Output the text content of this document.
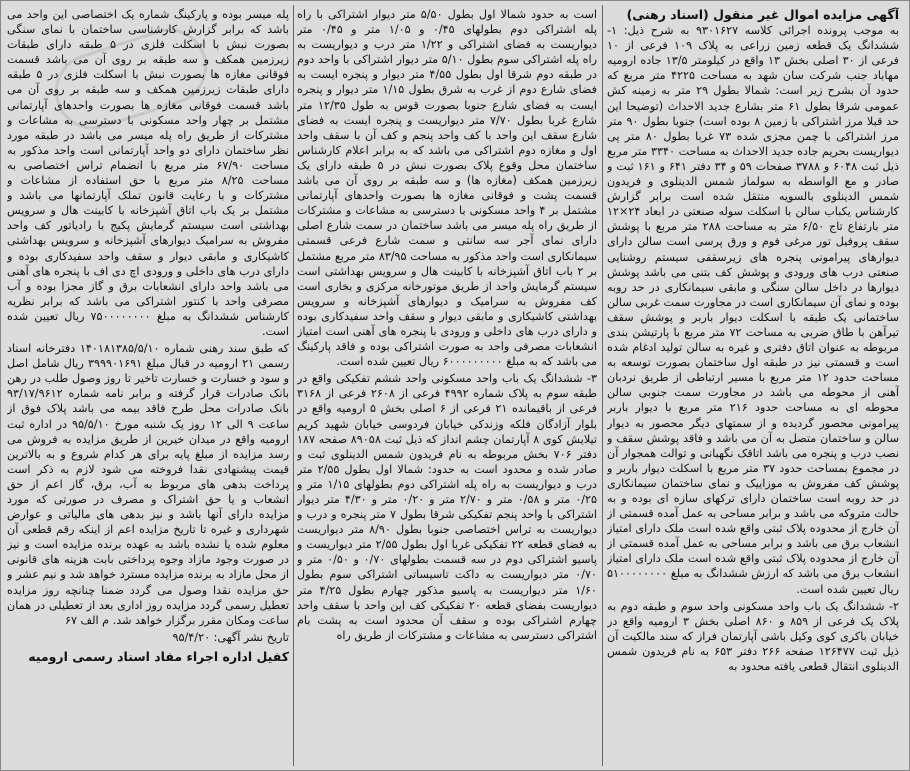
آگهی مزایده اموال غیر منقول (اسناد رهنی)
به موجب پرونده اجرائی کلاسه ۹۳۰۱۶۲۷ به شرح ذیل: ۱- ششدانگ یک قطعه زمین زراعی به پلاک ۱۰۹ فرعی از ۱۰ فرعی از ۳۰ اصلی بخش ۱۳ واقع در کیلومتر ۱۳/۵ جاده ارومیه مهاباد جنب شرکت سان شهد به مساحت ۴۲۲۵ متر مربع که حدود آن بشرح زیر است: شمالا بطول ۲۹ متر به زمینه کش عمومی شرقا بطول ۶۱ متر بشارع جدید الاحداث (توضیحا این حد قبلا مرز اشتراکی با زمین ۸ بوده است) جنوبا بطول ۹۰ متر مرز اشتراکی با چمن مجزی شده ۷۳ غربا بطول ۸۰ متر پی دیواریست بحریم جاده جدید الاحداث به مساحت ۳۳۴۰ متر مربع ذیل ثبت ۶۰۴۸ و ۳۷۸۸ صفحات ۵۹ و ۳۴ دفتر ۶۴۱ و ۱۶۱ ثبت و صادر و مع الواسطه به سولماز شمس الدینلوی و فریدون شمس الدینلوی بالسویه منتقل شده است برابر گزارش کارشناس یکباب سالن با اسکلت سوله صنعتی در ابعاد ۲۴×۱۲ متر بارتفاع تاج ۶/۵۰ متر به مساحت ۲۸۸ متر مربع با پوشش سقف پروفیل تور مرغی فوم و ورق پرسی است سالن دارای دیوارهای پیرامونی پنجره های زیرسقفی سیستم روشنایی صنعتی درب های ورودی و پوشش کف بتنی می باشد پوشش دیوارها در داخل سالن سنگی و مابقی سیمانکاری در حد روبه بوده و نمای آن سیمانکاری است در مجاورت سمت غربی سالن ساختمانی یک طبقه با اسکلت دیوار باربر و پوشش سقف تیرآهن با طاق ضربی به مساحت ۷۲ متر مربع با پارتیشن بندی مربوطه به عنوان اتاق دفتری و غیره به سالن تولید ادغام شده است و قسمتی نیز در طبقه اول ساختمان بصورت توسعه به مساحت حدود ۱۲ متر مربع با مسیر ارتباطی از طریق نردبان آهنی از محوطه می باشد در مجاورت سمت جنوبی سالن محوطه ای به مساحت حدود ۲۱۶ متر مربع با دیوار باربر پیرامونی محصور گردیده و از سمتهای دیگر محصور به دیوار سالن و ساختمان متصل به آن می باشد و فاقد پوشش سقف و نصب درب و پنجره می باشد اتاقک نگهبانی و توالت همجوار آن در مجموع بمساحت حدود ۳۷ متر مربع با اسکلت دیوار باربر و پوشش کف مفروش به موزاییک و نمای ساختمان سیمانکاری در حد روبه است ساختمان دارای ترکهای سازه ای بوده و به حالت متروکه می باشد و برابر مساحی به عمل آمده قسمتی از آن خارج از محدوده پلاک ثبتی واقع شده است ملک دارای امتیاز انشعاب برق می باشد و برابر مساحی به عمل آمده قسمتی از آن خارج از محدوده پلاک ثبتی واقع شده است ملک دارای امتیاز انشعاب برق می باشد که ارزش ششدانگ به مبلغ ۵۱۰۰۰۰۰۰۰۰ ریال تعیین شده است.
۲- ششدانگ یک باب واحد مسکونی واحد سوم و طبقه دوم به پلاک یک فرعی از ۸۵۹ و ۸۶۰ اصلی بخش ۳ ارومیه واقع در خیابان باکری کوی وکیل باشی آپارتمان فراز که سند مالکیت آن ذیل ثبت ۱۲۶۴۷۷ صفحه ۲۶۶ دفتر ۶۵۳ به نام فریدون شمس الدینلوی انتقال قطعی یافته محدود به
است به حدود شمالا اول بطول ۵/۵۰ متر دیوار اشتراکی با راه پله اشتراکی دوم بطولهای ۰/۴۵ و ۱/۰۵ متر و ۰/۴۵ متر دیواریست به فضای اشتراکی و ۱/۲۲ متر درب و دیواریست به راه پله اشتراکی سوم بطول ۵/۱۰ متر دیوار اشتراکی با واحد دوم در طبقه دوم شرقا اول بطول ۴/۵۵ متر دیوار و پنجره ایست به فضای شارع دوم از غرب به شرق بطول ۱/۱۵ متر دیوار و پنجره ایست به فضای شارع جنوبا بصورت قوس به طول ۱۲/۳۵ متر شارع غربا بطول ۷/۷۰ متر دیواریست و پنجره ایست به فضای شارع سقف این واحد با کف واحد پنجم و کف آن با سقف واحد اول و مغازه دوم اشتراکی می باشد که به برابر اعلام کارشناس ساختمان محل وقوع پلاک بصورت نبش در ۵ طبقه دارای یک زیرزمین همکف (مغازه ها) و سه طبقه بر روی آن می باشد قسمت پشت و فوقانی مغازه ها بصورت واحدهای آپارتمانی مشتمل بر ۴ واحد مسکونی با دسترسی به مشاعات و مشترکات از طریق راه پله میسر می باشد ساختمان در سمت شارع اصلی دارای نمای آجر سه سانتی و سمت شارع فرعی قسمتی سیمانکاری است واحد مذکور به مساحت ۸۳/۹۵ متر مربع مشتمل بر ۲ باب اتاق آشپزخانه با کابینت هال و سرویس بهداشتی است سیستم گرمایش واحد از طریق موتورخانه مرکزی و بخاری است کف مفروش به سرامیک و دیوارهای آشپزخانه و سرویس بهداشتی کاشیکاری و مابقی دیوار و سقف واحد سفیدکاری بوده و دارای درب های داخلی و ورودی با پنجره های آهنی است امتیاز انشعابات مصرفی واحد به صورت اشتراکی بوده و فاقد پارکینگ می باشد که به مبلغ ۶۰۰۰۰۰۰۰۰۰ ریال تعیین شده است.
۳- ششدانگ یک باب واحد مسکونی واحد ششم تفکیکی واقع در طبقه سوم به پلاک شماره ۴۹۹۲ فرعی از ۲۶۰۸ فرعی از ۳۱۶۸ فرعی از باقیمانده ۲۱ فرعی از ۶ اصلی بخش ۵ ارومیه واقع در بلوار آزادگان فلکه وزندکی خیابان فردوسی خیابان شهید کریم تیلایش کوی ۸ آپارتمان چشم انداز که ذیل ثبت ۸۹۰۵۸ صفحه ۱۸۷ دفتر ۷۰۶ بخش مربوطه به نام فریدون شمس الدینلوی ثبت و صادر شده و محدود است به حدود: شمالا اول بطول ۲/۵۵ متر درب و دیواریست به راه پله اشتراکی دوم بطولهای ۱/۱۵ متر و ۰/۲۵ متر و ۰/۵۸ متر و ۲/۷۰ متر و ۰/۲۰ متر و ۴/۳۰ متر دیوار اشتراکی با واحد پنجم تفکیکی شرقا بطول ۷ متر پنجره و درب و دیواریست به تراس اختصاصی جنوبا بطول ۸/۹۰ متر دیواریست به فضای قطعه ۲۲ تفکیکی غربا اول بطول ۲/۵۵ متر دیواریست و پاسیو اشتراکی دوم در سه قسمت بطولهای ۰/۷۰ و ۰/۵۰ متر و ۰/۷۰ متر دیواریست به داکت تاسیساتی اشتراکی سوم بطول ۱/۶۰ متر دیواریست به پاسیو مذکور چهارم بطول ۴/۲۵ متر دیواریست بفضای قطعه ۲۰ تفکیکی کف این واحد با سقف واحد چهارم اشتراکی بوده و سقف آن محدود است به پشت بام اشتراکی دسترسی به مشاعات و مشترکات از طریق راه
پله میسر بوده و پارکینگ شماره یک اختصاصی این واحد می باشد که برابر گزارش کارشناسی ساختمان با نمای سنگی بصورت نبش با اسکلت فلزی در ۵ طبقه دارای طبقات زیرزمین همکف و سه طبقه بر روی آن می باشد قسمت فوقانی مغازه ها بصورت نبش با اسکلت فلزی در ۵ طبقه دارای طبقات زیرزمین همکف و سه طبقه بر روی آن می باشد قسمت فوقانی مغازه ها بصورت واحدهای آپارتمانی مشتمل بر چهار واحد مسکونی با دسترسی به مشاعات و مشترکات از طریق راه پله میسر می باشد در طبقه مورد نظر ساختمان دارای دو واحد آپارتمانی است واحد مذکور به مساحت ۶۷/۹۰ متر مربع با انضمام تراس اختصاصی به مساحت ۸/۲۵ متر مربع با حق استفاده از مشاعات و مشترکات و با رعایت قانون تملک آپارتمانها می باشد و مشتمل بر یک باب اتاق آشپزخانه با کابینت هال و سرویس بهداشتی است سیستم گرمایش پکیج با رادیاتور کف واحد مفروش به سرامیک دیوارهای آشپزخانه و سرویس بهداشتی کاشیکاری و مابقی دیوار و سقف واحد سفیدکاری بوده و دارای درب های داخلی و ورودی اچ دی اف با پنجره های آهنی می باشد واحد دارای انشعابات برق و گاز مجزا بوده و آب مصرفی واحد با کنتور اشتراکی می باشد که برابر نظریه کارشناس ششدانگ به مبلغ ۷۵۰۰۰۰۰۰۰۰ ریال تعیین شده است.
که طبق سند رهنی شماره ۱۴۰۱۸۱۳۸۵/۵/۱۰ دفترخانه اسناد رسمی ۲۱ ارومیه در قبال مبلغ ۳۹۹۹۰۱۶۹۱ ریال شامل اصل و سود و خسارت و خسارت تاخیر تا روز وصول طلب در رهن بانک صادرات قرار گرفته و برابر نامه شماره ۹۳/۱۷/۹۶۱۲ بانک صادرات محل طرح فاقد بیمه می باشد پلاک فوق از ساعت ۹ الی ۱۲ روز یک شنبه مورخ ۹۵/۵/۱۰ در اداره ثبت ارومیه واقع در میدان خیرین از طریق مزایده به فروش می رسد مزایده از مبلغ پایه برای هر کدام شروع و به بالاترین قیمت پیشنهادی نقدا فروخته می شود لازم به ذکر است پرداخت بدهی های مربوط به آب، برق، گاز اعم از حق انشعاب و یا حق اشتراک و مصرف در صورتی که مورد مزایده دارای آنها باشد و نیز بدهی های مالیاتی و عوارض شهرداری و غیره تا تاریخ مزایده اعم از اینکه رقم قطعی آن معلوم شده یا نشده باشد به عهده برنده مزایده است و نیز در صورت وجود مازاد وجوه پرداختی بابت هزینه های قانونی از محل مازاد به برنده مزایده مسترد خواهد شد و نیم عشر و حق مزایده نقدا وصول می گردد ضمنا چنانچه روز مزایده تعطیل رسمی گردد مزایده روز اداری بعد از تعطیلی در همان ساعت ومکان مقرر برگزار خواهد شد. م الف ۶۷
تاریخ نشر آگهی: ۹۵/۴/۲۰
کفیل اداره اجراء مفاد اسناد رسمی ارومیه
